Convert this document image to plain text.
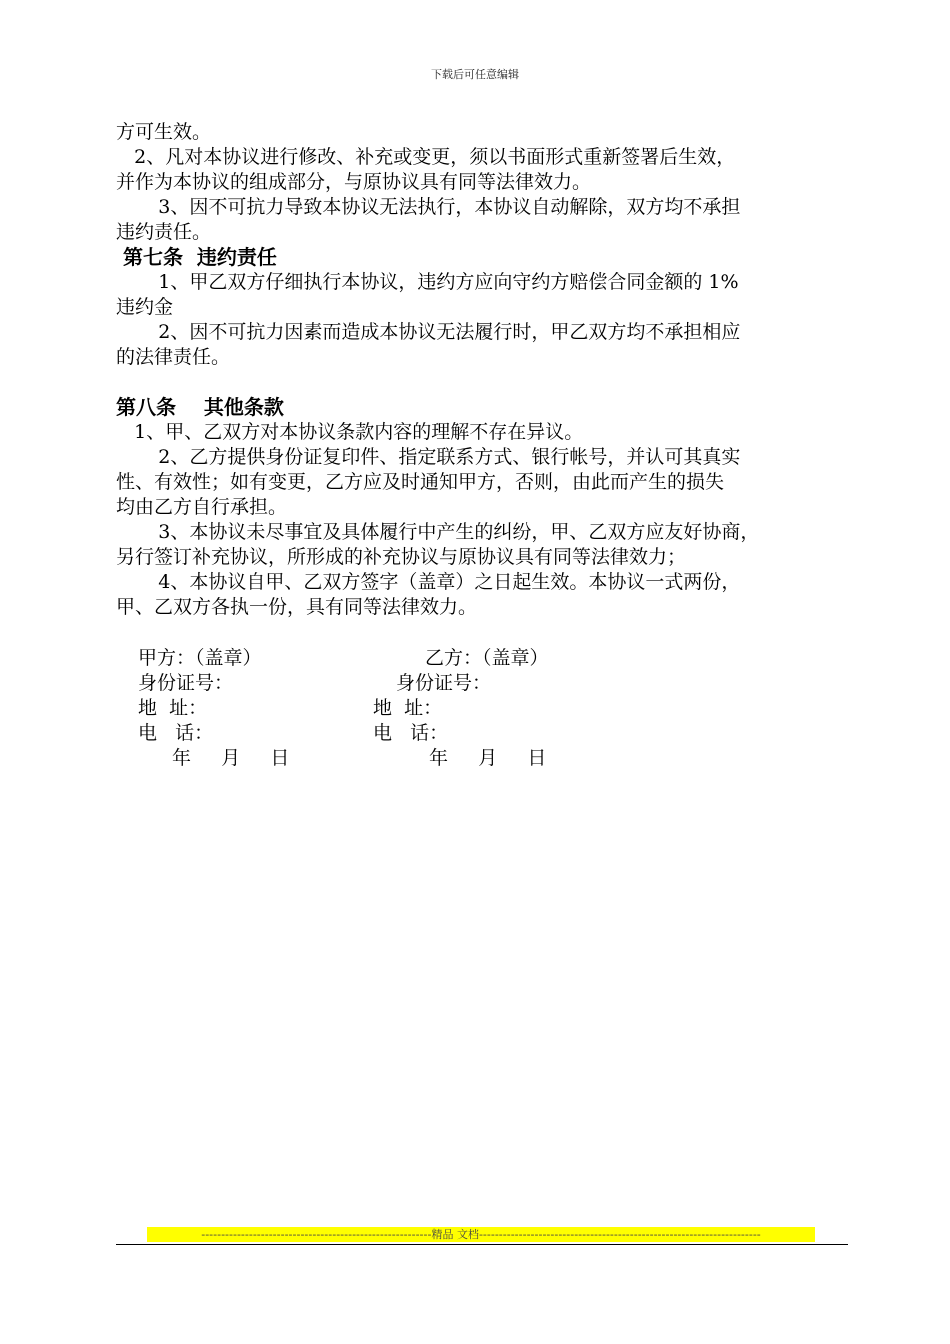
下载后可任意编辑
方可生效。
2、凡对本协议进行修改、补充或变更，须以书面形式重新签署后生效，
并作为本协议的组成部分，与原协议具有同等法律效力。
3、因不可抗力导致本协议无法执行，本协议自动解除，双方均不承担
违约责任。
第七条  违约责任
1、甲乙双方仔细执行本协议，违约方应向守约方赔偿合同金额的 1%
违约金
2、因不可抗力因素而造成本协议无法履行时，甲乙双方均不承担相应
的法律责任。
第八条    其他条款
1、甲、乙双方对本协议条款内容的理解不存在异议。
2、乙方提供身份证复印件、指定联系方式、银行帐号，并认可其真实
性、有效性；如有变更，乙方应及时通知甲方，否则，由此而产生的损失
均由乙方自行承担。
3、本协议未尽事宜及具体履行中产生的纠纷，甲、乙双方应友好协商，
另行签订补充协议，所形成的补充协议与原协议具有同等法律效力；
4、本协议自甲、乙双方签字（盖章）之日起生效。本协议一式两份，
甲、乙双方各执一份，具有同等法律效力。
甲方：（盖章）
身份证号：
地  址：
电   话：
年     月     日
乙方：（盖章）
身份证号：
地  址：
电   话：
年     月     日
----------------------------------------------------------精品 文档-----------------------------------------------------------------------
